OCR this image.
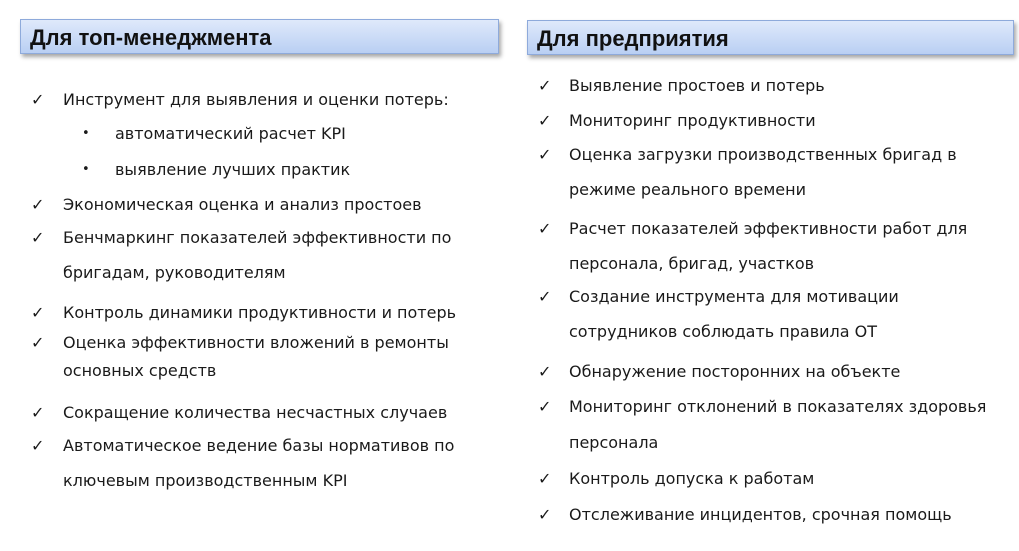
Для топ-менеджмента
✓ Инструмент для выявления и оценки потерь:
• автоматический расчет KPI
• выявление лучших практик
✓ Экономическая оценка и анализ простоев
✓ Бенчмаркинг показателей эффективности по
бригадам, руководителям
✓ Контроль динамики продуктивности и потерь
✓ Оценка эффективности вложений в ремонты
основных средств
✓ Сокращение количества несчастных случаев
✓ Автоматическое ведение базы нормативов по
ключевым производственным KPI
Для предприятия
✓ Выявление простоев и потерь
✓ Мониторинг продуктивности
✓ Оценка загрузки производственных бригад в
режиме реального времени
✓ Расчет показателей эффективности работ для
персонала, бригад, участков
✓ Создание инструмента для мотивации
сотрудников соблюдать правила ОТ
✓ Обнаружение посторонних на объекте
✓ Мониторинг отклонений в показателях здоровья
персонала
✓ Контроль допуска к работам
✓ Отслеживание инцидентов, срочная помощь
